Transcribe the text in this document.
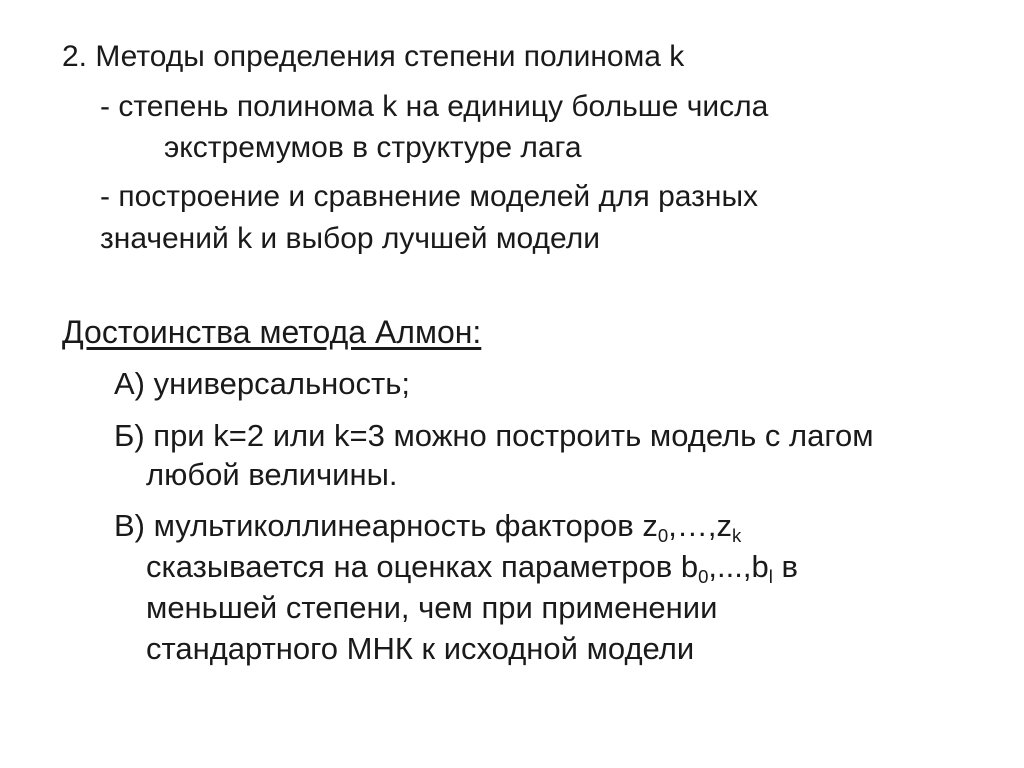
2. Методы определения степени полинома k
- степень полинома k на единицу больше числа
экстремумов в структуре лага
- построение и сравнение моделей для разных
значений k и выбор лучшей модели
Достоинства метода Алмон:
А) универсальность;
Б) при k=2 или k=3 можно построить модель с лагом
любой величины.
В) мультиколлинеарность факторов $z_0,\dots,z_k$
сказывается на оценках параметров $b_0,...,b_l$ в
меньшей степени, чем при применении
стандартного МНК к исходной модели
